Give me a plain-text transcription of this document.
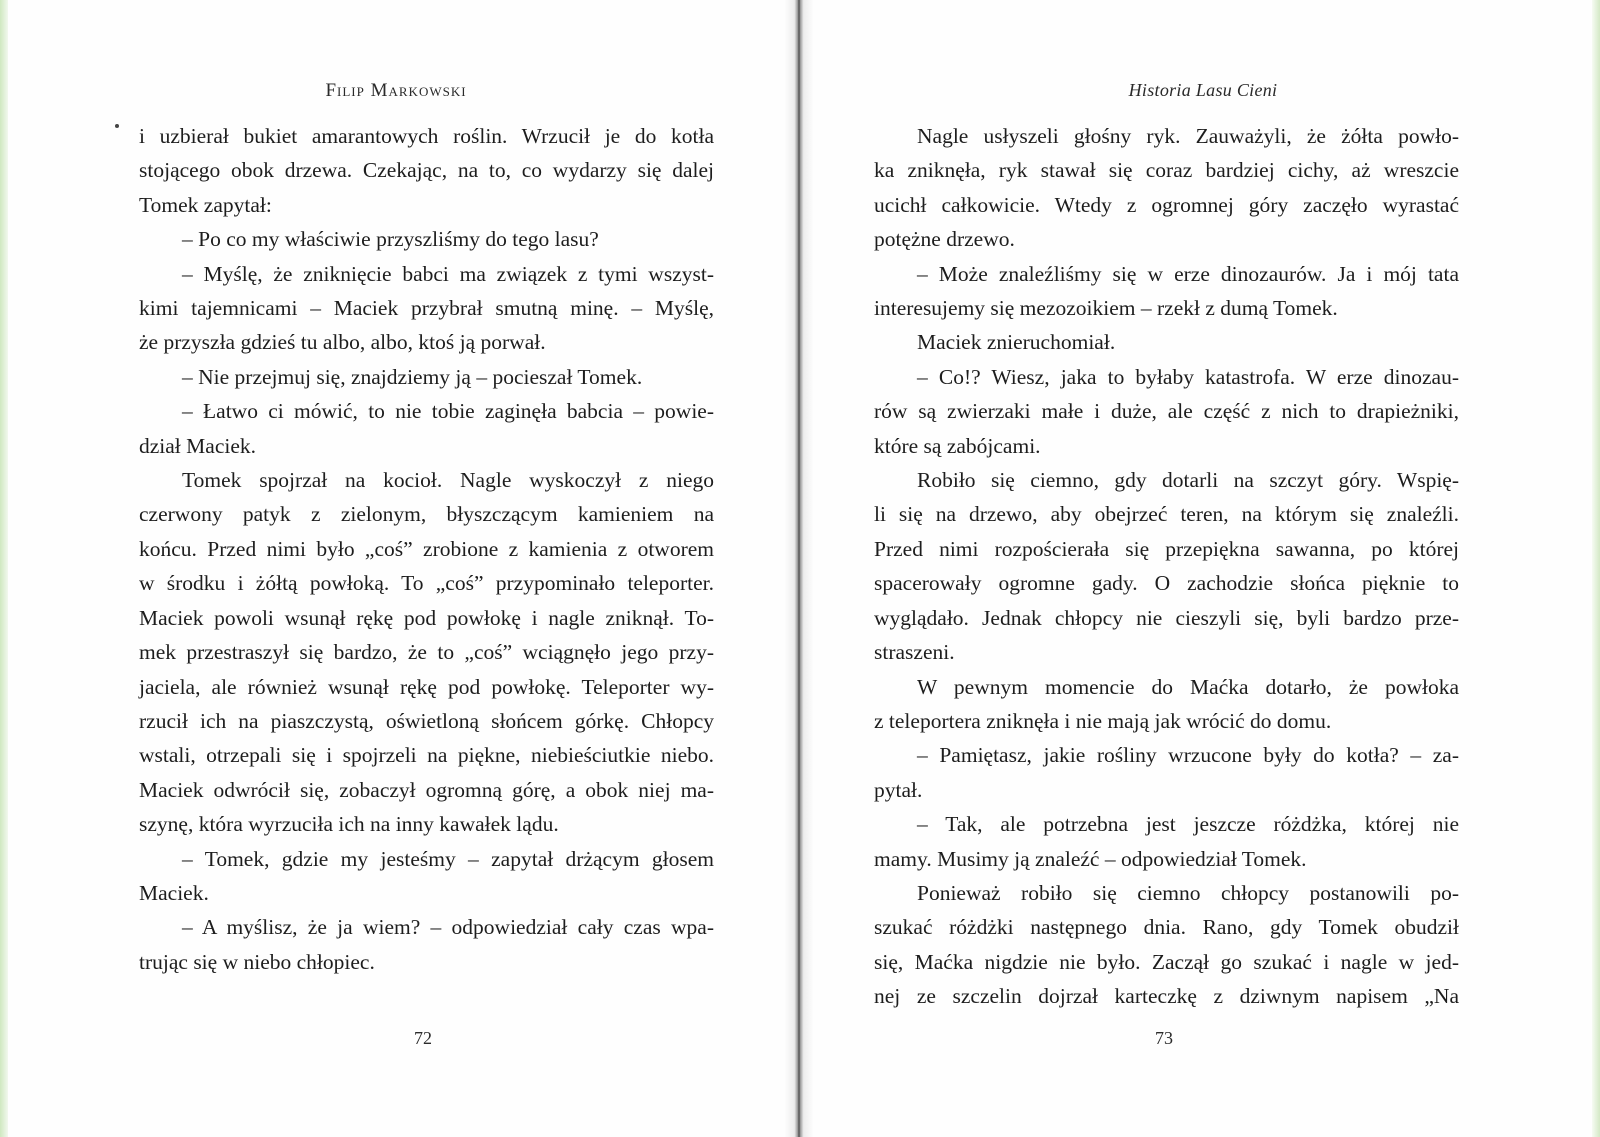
Filip Markowski
i uzbierał bukiet amarantowych roślin. Wrzucił je do kotła
stojącego obok drzewa. Czekając, na to, co wydarzy się dalej
Tomek zapytał:
– Po co my właściwie przyszliśmy do tego lasu?
– Myślę, że zniknięcie babci ma związek z tymi wszyst-
kimi tajemnicami – Maciek przybrał smutną minę. – Myślę,
że przyszła gdzieś tu albo, albo, ktoś ją porwał.
– Nie przejmuj się, znajdziemy ją – pocieszał Tomek.
– Łatwo ci mówić, to nie tobie zaginęła babcia – powie-
dział Maciek.
Tomek spojrzał na kocioł. Nagle wyskoczył z niego
czerwony patyk z zielonym, błyszczącym kamieniem na
końcu. Przed nimi było „coś” zrobione z kamienia z otworem
w środku i żółtą powłoką. To „coś” przypominało teleporter.
Maciek powoli wsunął rękę pod powłokę i nagle zniknął. To-
mek przestraszył się bardzo, że to „coś” wciągnęło jego przy-
jaciela, ale również wsunął rękę pod powłokę. Teleporter wy-
rzucił ich na piaszczystą, oświetloną słońcem górkę. Chłopcy
wstali, otrzepali się i spojrzeli na piękne, niebieściutkie niebo.
Maciek odwrócił się, zobaczył ogromną górę, a obok niej ma-
szynę, która wyrzuciła ich na inny kawałek lądu.
– Tomek, gdzie my jesteśmy – zapytał drżącym głosem
Maciek.
– A myślisz, że ja wiem? – odpowiedział cały czas wpa-
trując się w niebo chłopiec.
72
Historia Lasu Cieni
Nagle usłyszeli głośny ryk. Zauważyli, że żółta powło-
ka zniknęła, ryk stawał się coraz bardziej cichy, aż wreszcie
ucichł całkowicie. Wtedy z ogromnej góry zaczęło wyrastać
potężne drzewo.
– Może znaleźliśmy się w erze dinozaurów. Ja i mój tata
interesujemy się mezozoikiem – rzekł z dumą Tomek.
Maciek znieruchomiał.
– Co!? Wiesz, jaka to byłaby katastrofa. W erze dinozau-
rów są zwierzaki małe i duże, ale część z nich to drapieżniki,
które są zabójcami.
Robiło się ciemno, gdy dotarli na szczyt góry. Wspię-
li się na drzewo, aby obejrzeć teren, na którym się znaleźli.
Przed nimi rozpościerała się przepiękna sawanna, po której
spacerowały ogromne gady. O zachodzie słońca pięknie to
wyglądało. Jednak chłopcy nie cieszyli się, byli bardzo prze-
straszeni.
W pewnym momencie do Maćka dotarło, że powłoka
z teleportera zniknęła i nie mają jak wrócić do domu.
– Pamiętasz, jakie rośliny wrzucone były do kotła? – za-
pytał.
– Tak, ale potrzebna jest jeszcze różdżka, której nie
mamy. Musimy ją znaleźć – odpowiedział Tomek.
Ponieważ robiło się ciemno chłopcy postanowili po-
szukać różdżki następnego dnia. Rano, gdy Tomek obudził
się, Maćka nigdzie nie było. Zaczął go szukać i nagle w jed-
nej ze szczelin dojrzał karteczkę z dziwnym napisem „Na
73
